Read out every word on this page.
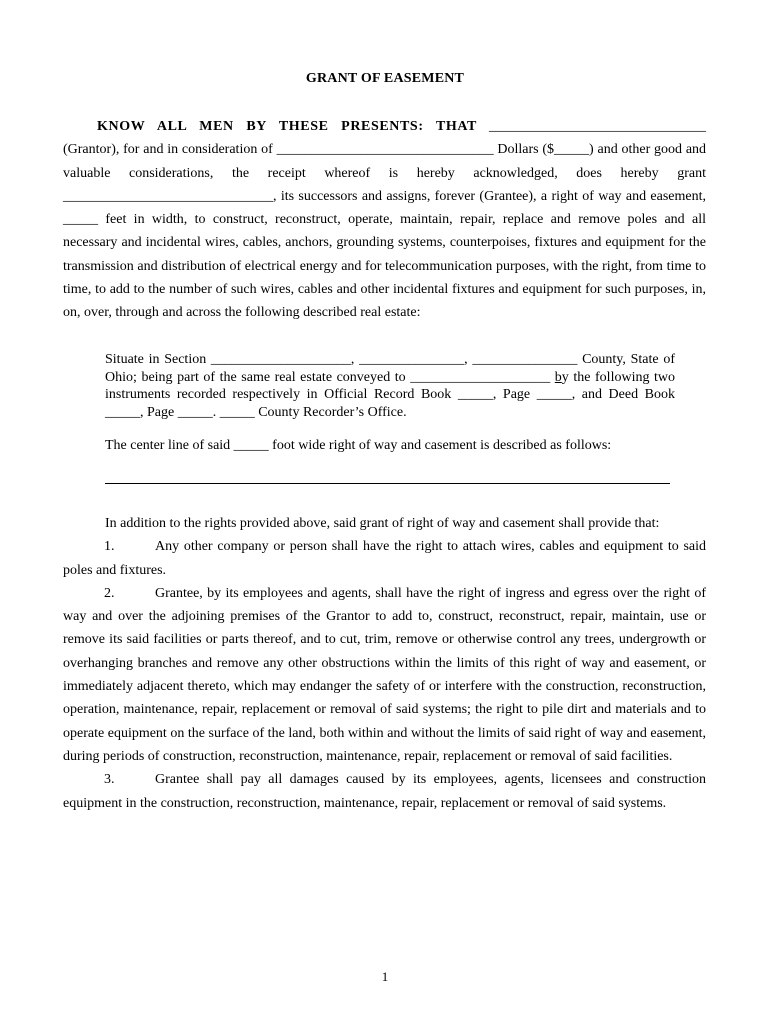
GRANT OF EASEMENT
KNOW ALL MEN BY THESE PRESENTS: THAT _______________________________ (Grantor), for and in consideration of _______________________________ Dollars ($_____) and other good and valuable considerations, the receipt whereof is hereby acknowledged, does hereby grant ______________________________, its successors and assigns, forever (Grantee), a right of way and easement, _____ feet in width, to construct, reconstruct, operate, maintain, repair, replace and remove poles and all necessary and incidental wires, cables, anchors, grounding systems, counterpoises, fixtures and equipment for the transmission and distribution of electrical energy and for telecommunication purposes, with the right, from time to time, to add to the number of such wires, cables and other incidental fixtures and equipment for such purposes, in, on, over, through and across the following described real estate:
Situate in Section ____________________, _______________, _______________ County, State of Ohio; being part of the same real estate conveyed to ____________________ by the following two instruments recorded respectively in Official Record Book _____, Page _____, and Deed Book _____, Page _____. _____ County Recorder’s Office.
The center line of said _____ foot wide right of way and casement is described as follows:
In addition to the rights provided above, said grant of right of way and casement shall provide that:
1.	Any other company or person shall have the right to attach wires, cables and equipment to said poles and fixtures.
2.	Grantee, by its employees and agents, shall have the right of ingress and egress over the right of way and over the adjoining premises of the Grantor to add to, construct, reconstruct, repair, maintain, use or remove its said facilities or parts thereof, and to cut, trim, remove or otherwise control any trees, undergrowth or overhanging branches and remove any other obstructions within the limits of this right of way and easement, or immediately adjacent thereto, which may endanger the safety of or interfere with the construction, reconstruction, operation, maintenance, repair, replacement or removal of said systems; the right to pile dirt and materials and to operate equipment on the surface of the land, both within and without the limits of said right of way and easement, during periods of construction, reconstruction, maintenance, repair, replacement or removal of said facilities.
3.	Grantee shall pay all damages caused by its employees, agents, licensees and construction equipment in the construction, reconstruction, maintenance, repair, replacement or removal of said systems.
1
